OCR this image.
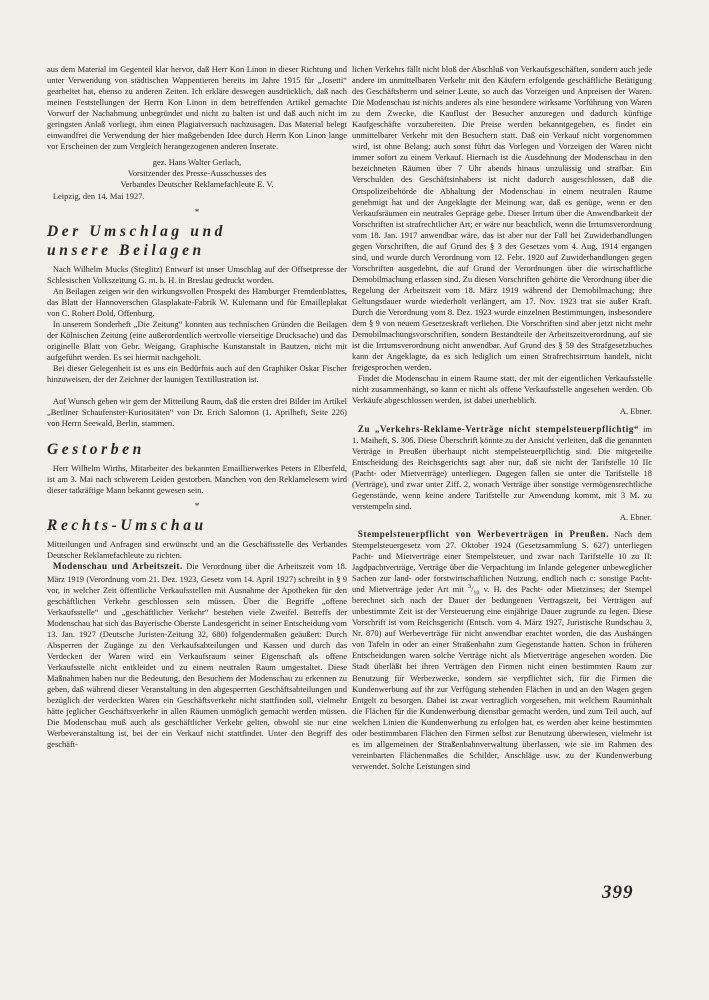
aus dem Material im Gegenteil klar hervor, daß Herr Kon Linon in dieser Richtung und unter Verwendung von städtischen Wappentieren bereits im Jahre 1915 für „Josetti“ gearbeitet hat, ebenso zu anderen Zeiten. Ich erkläre deswegen ausdrücklich, daß nach meinen Feststellungen der Herrn Kon Linon in dem betreffenden Artikel gemachte Vorwurf der Nachahmung unbegründet und nicht zu halten ist und daß auch nicht im geringsten Anlaß vorliegt, ihm einen Plagiatversuch nachzusagen. Das Material belegt einwandfrei die Verwendung der hier maßgebenden Idee durch Herrn Kon Linon lange vor Erscheinen der zum Vergleich herangezogenen anderen Inserate.

gez. Hans Walter Gerlach,
Vorsitzender des Presse-Ausschusses des
Verbandes Deutscher Reklamefachleute E. V.

Leipzig, den 14. Mai 1927.

*
Der Umschlag und
unsere Beilagen

Nach Wilhelm Mucks (Steglitz) Entwurf ist unser Umschlag auf der Offsetpresse der Schlesischen Volkszeitung G. m. b. H. in Breslau gedruckt worden.

An Beilagen zeigen wir den wirkungsvollen Prospekt des Hamburger Fremdenblattes, das Blatt der Hannoverschen Glasplakate-Fabrik W. Kulemann und für Emailleplakat von C. Robert Dold, Offenburg.

In unserem Sonderheft „Die Zeitung“ konnten aus technischen Gründen die Beilagen der Kölnischen Zeitung (eine außerordentlich wertvolle vierseitige Drucksache) und das originelle Blatt von Gebr. Weigang, Graphische Kunstanstalt in Bautzen, nicht mit aufgeführt werden. Es sei hiermit nachgeholt.

Bei dieser Gelegenheit ist es uns ein Bedürfnis auch auf den Graphiker Oskar Fischer hinzuweisen, der der Zeichner der launigen Textillustration ist.

Auf Wunsch geben wir gern der Mitteilung Raum, daß die ersten drei Bilder im Artikel „Berliner Schaufenster-Kuriositäten“ von Dr. Erich Salomon (1. Aprilheft, Seite 226) von Herrn Seewald, Berlin, stammen.

Gestorben

Herr Wilhelm Wirths, Mitarbeiter des bekannten Emaillierwerkes Peters in Elberfeld, ist am 3. Mai nach schwerem Leiden gestorben. Manchen von den Reklamelesern wird dieser tatkräftige Mann bekannt gewesen sein.

*
Rechts-Umschau

Mitteilungen und Anfragen sind erwünscht und an die Geschäftsstelle des Verbandes Deutscher Reklamefachleute zu richten.

Modenschau und Arbeitszeit. Die Verordnung über die Arbeitszeit vom 18. März 1919 (Verordnung vom 21. Dez. 1923, Gesetz vom 14. April 1927) schreibt in § 9 vor, in welcher Zeit öffentliche Verkaufsstellen mit Ausnahme der Apotheken für den geschäftlichen Verkehr geschlossen sein müssen. Über die Begriffe „offene Verkaufsstelle“ und „geschäftlicher Verkehr“ bestehen viele Zweifel. Betreffs der Modenschau hat sich das Bayerische Oberste Landesgericht in seiner Entscheidung vom 13. Jan. 1927 (Deutsche Juristen-Zeitung 32, 680) folgendermaßen geäußert: Durch Absperren der Zugänge zu den Verkaufsabteilungen und Kassen und durch das Verdecken der Waren wird ein Verkaufsraum seiner Eigenschaft als offene Verkaufsstelle nicht entkleidet und zu einem neutralen Raum umgestaltet. Diese Maßnahmen haben nur die Bedeutung, den Besuchern der Modenschau zu erkennen zu geben, daß während dieser Veranstaltung in den abgesperrten Geschäftsabteilungen und bezüglich der verdeckten Waren ein Geschäftsverkehr nicht stattfinden soll, vielmehr hätte jeglicher Geschäftsverkehr in allen Räumen unmöglich gemacht werden müssen. Die Modenschau muß auch als geschäftlicher Verkehr gelten, obwohl sie nur eine Werbeveranstaltung ist, bei der ein Verkauf nicht stattfindet. Unter den Begriff des geschäft-

lichen Verkehrs fällt nicht bloß der Abschluß von Verkaufsgeschäften, sondern auch jede andere im unmittelbaren Verkehr mit den Käufern erfolgende geschäftliche Betätigung des Geschäftsherrn und seiner Leute, so auch das Vorzeigen und Anpreisen der Waren. Die Modenschau ist nichts anderes als eine besondere wirksame Vorführung von Waren zu dem Zwecke, die Kauflust der Besucher anzuregen und dadurch künftige Kaufgeschäfte vorzubereiten. Die Preise werden bekanntgegeben, es findet ein unmittelbarer Verkehr mit den Besuchern statt. Daß ein Verkauf nicht vorgenommen wird, ist ohne Belang; auch sonst führt das Vorlegen und Vorzeigen der Waren nicht immer sofort zu einem Verkauf. Hiernach ist die Ausdehnung der Modenschau in den bezeichneten Räumen über 7 Uhr abends hinaus unzulässig und strafbar. Ein Verschulden des Geschäftsinhabers ist nicht dadurch ausgeschlossen, daß die Ortspolizeibehörde die Abhaltung der Modenschau in einem neutralen Raume genehmigt hat und der Angeklagte der Meinung war, daß es genüge, wenn er den Verkaufsräumen ein neutrales Gepräge gebe. Dieser Irrtum über die Anwendbarkeit der Vorschriften ist strafrechtlicher Art; er wäre nur beachtlich, wenn die Irrtumsverordnung vom 18. Jan. 1917 anwendbar wäre, das ist aber nur der Fall bei Zuwiderhandlungen gegen Vorschriften, die auf Grund des § 3 des Gesetzes vom 4. Aug. 1914 ergangen sind, und wurde durch Verordnung vom 12. Febr. 1920 auf Zuwiderhandlungen gegen Vorschriften ausgedehnt, die auf Grund der Verordnungen über die wirtschaftliche Demobilmachung erlassen sind. Zu diesen Vorschriften gehörte die Verordnung über die Regelung der Arbeitszeit vom 18. März 1919 während der Demobilmachung; ihre Geltungsdauer wurde wiederholt verlängert, am 17. Nov. 1923 trat sie außer Kraft. Durch die Verordnung vom 8. Dez. 1923 wurde einzelnen Bestimmungen, insbesondere dem § 9 von neuem Gesetzeskraft verliehen. Die Vorschriften sind aber jetzt nicht mehr Demobilmachungsvorschriften, sondern Bestandteile der Arbeitszeitverordnung, auf sie ist die Irrtumsverordnung nicht anwendbar. Auf Grund des § 59 des Strafgesetzbuches kann der Angeklagte, da es sich lediglich um einen Strafrechtsirrtum handelt, nicht freigesprochen werden.

Findet die Modenschau in einem Raume statt, der mit der eigentlichen Verkaufsstelle nicht zusammenhängt, so kann er nicht als offene Verkaufsstelle angesehen werden. Ob Verkäufe abgeschlossen werden, ist dabei unerheblich.

A. Ebner.

Zu „Verkehrs-Reklame-Verträge nicht stempelsteuerpflichtig“ im 1. Maiheft, S. 306. Diese Überschrift könnte zu der Ansicht verleiten, daß die genannten Verträge in Preußen überhaupt nicht stempelsteuerpflichtig sind. Die mitgeteilte Entscheidung des Reichsgerichts sagt aber nur, daß sie nicht der Tarifstelle 10 IIc (Pacht- oder Mietverträge) unterliegen. Dagegen fallen sie unter die Tarifstelle 18 (Verträge), und zwar unter Ziff. 2, wonach Verträge über sonstige vermögensrechtliche Gegenstände, wenn keine andere Tarifstelle zur Anwendung kommt, mit 3 M. zu verstempeln sind.

A. Ebner.

Stempelsteuerpflicht von Werbeverträgen in Preußen. Nach dem Stempelsteuergesetz vom 27. Oktober 1924 (Gesetzsammlung S. 627) unterliegen Pacht- und Mietverträge einer Stempelsteuer, und zwar nach Tarifstelle 10 zu II: Jagdpachtverträge, Verträge über die Verpachtung im Inlande gelegener unbeweglicher Sachen zur land- oder forstwirtschaftlichen Nutzung, endlich nach c: sonstige Pacht- und Mietverträge jeder Art mit $^3/_{10}$ v. H. des Pacht- oder Mietzinses; der Stempel berechnet sich nach der Dauer der bedungenen Vertragszeit, bei Verträgen auf unbestimmte Zeit ist der Versteuerung eine einjährige Dauer zugrunde zu legen. Diese Vorschrift ist vom Reichsgericht (Entsch. vom 4. März 1927, Juristische Rundschau 3, Nr. 870) auf Werbeverträge für nicht anwendbar erachtet worden, die das Aushängen von Tafeln in oder an einer Straßenbahn zum Gegenstande hatten. Schon in früheren Entscheidungen waren solche Verträge nicht als Mietverträge angesehen worden. Die Stadt überläßt bei ihren Verträgen den Firmen nicht einen bestimmten Raum zur Benutzung für Werbezwecke, sondern sie verpflichtet sich, für die Firmen die Kundenwerbung auf ihr zur Verfügung stehenden Flächen in und an den Wagen gegen Entgelt zu besorgen. Dabei ist zwar vertraglich vorgesehen, mit welchem Rauminhalt die Flächen für die Kundenwerbung dienstbar gemacht werden, und zum Teil auch, auf welchen Linien die Kundenwerbung zu erfolgen hat, es werden aber keine bestimmten oder bestimmbaren Flächen den Firmen selbst zur Benutzung überwiesen, vielmehr ist es im allgemeinen der Straßenbahnverwaltung überlassen, wie sie im Rahmen des vereinbarten Flächenmaßes die Schilder, Anschläge usw. zu der Kundenwerbung verwendet. Solche Leistungen sind

399
